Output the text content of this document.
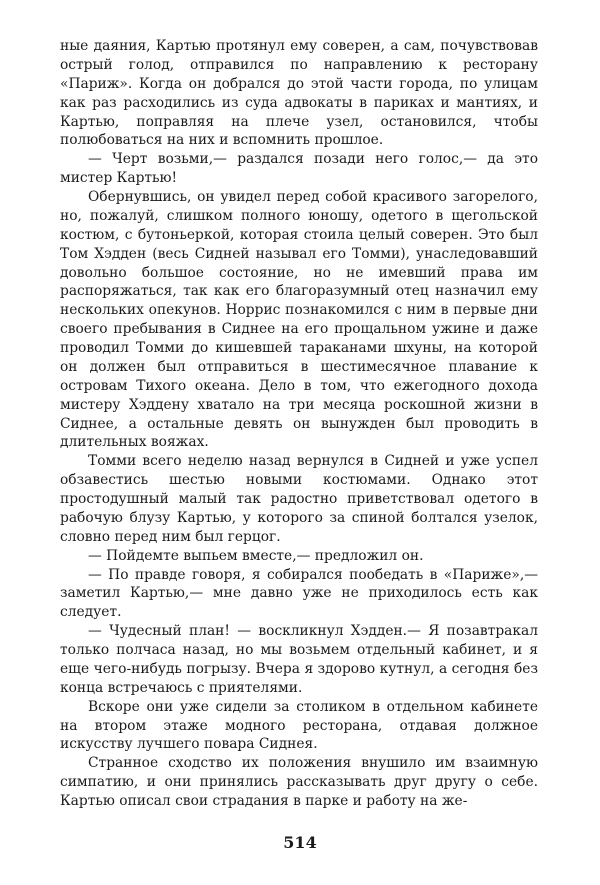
ные даяния, Картью протянул ему соверен, а сам, почувствовав острый голод, отправился по направлению к ресторану «Париж». Когда он добрался до этой части города, по улицам как раз расходились из суда адвокаты в париках и мантиях, и Картью, поправляя на плече узел, остановился, чтобы полюбоваться на них и вспомнить прошлое.

— Черт возьми,— раздался позади него голос,— да это мистер Картью!

Обернувшись, он увидел перед собой красивого загорелого, но, пожалуй, слишком полного юношу, одетого в щегольской костюм, с бутоньеркой, которая стоила целый соверен. Это был Том Хэдден (весь Сидней называл его Томми), унаследовавший довольно большое состояние, но не имевший права им распоряжаться, так как его благоразумный отец назначил ему нескольких опекунов. Норрис познакомился с ним в первые дни своего пребывания в Сиднее на его прощальном ужине и даже проводил Томми до кишевшей тараканами шхуны, на которой он должен был отправиться в шестимесячное плавание к островам Тихого океана. Дело в том, что ежегодного дохода мистеру Хэддену хватало на три месяца роскошной жизни в Сиднее, а остальные девять он вынужден был проводить в длительных вояжах.

Томми всего неделю назад вернулся в Сидней и уже успел обзавестись шестью новыми костюмами. Однако этот простодушный малый так радостно приветствовал одетого в рабочую блузу Картью, у которого за спиной болтался узелок, словно перед ним был герцог.

— Пойдемте выпьем вместе,— предложил он.

— По правде говоря, я собирался пообедать в «Париже»,— заметил Картью,— мне давно уже не приходилось есть как следует.

— Чудесный план! — воскликнул Хэдден.— Я позавтракал только полчаса назад, но мы возьмем отдельный кабинет, и я еще чего-нибудь погрызу. Вчера я здорово кутнул, а сегодня без конца встречаюсь с приятелями.

Вскоре они уже сидели за столиком в отдельном кабинете на втором этаже модного ресторана, отдавая должное искусству лучшего повара Сиднея.

Странное сходство их положения внушило им взаимную симпатию, и они принялись рассказывать друг другу о себе. Картью описал свои страдания в парке и работу на же-

514
